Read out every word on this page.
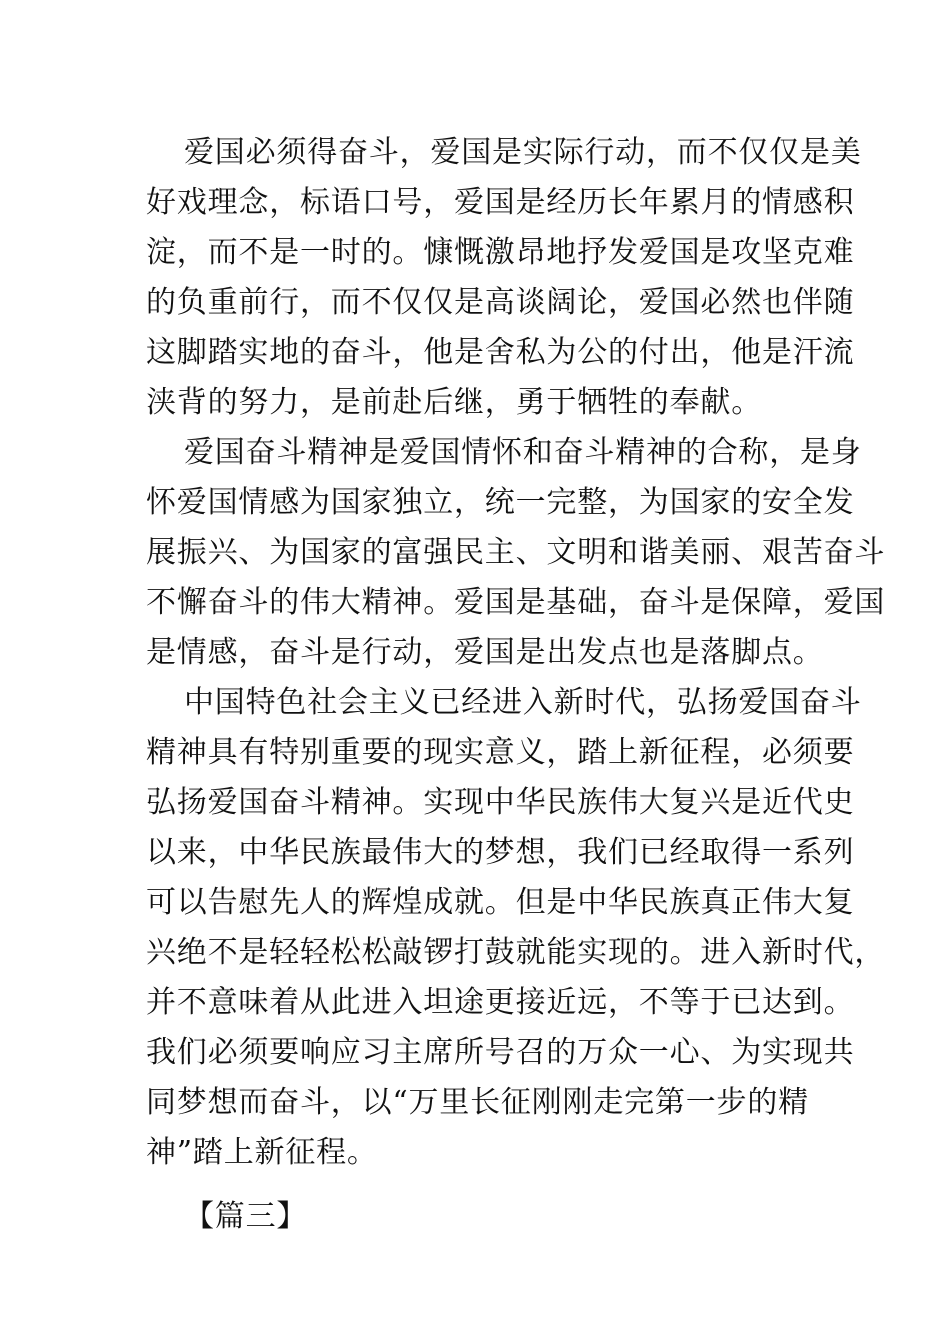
爱国必须得奋斗，爱国是实际行动，而不仅仅是美
好戏理念，标语口号，爱国是经历长年累月的情感积
淀，而不是一时的。慷慨激昂地抒发爱国是攻坚克难
的负重前行，而不仅仅是高谈阔论，爱国必然也伴随
这脚踏实地的奋斗，他是舍私为公的付出，他是汗流
浃背的努力，是前赴后继，勇于牺牲的奉献。
爱国奋斗精神是爱国情怀和奋斗精神的合称，是身
怀爱国情感为国家独立，统一完整，为国家的安全发
展振兴、为国家的富强民主、文明和谐美丽、艰苦奋斗
不懈奋斗的伟大精神。爱国是基础，奋斗是保障，爱国
是情感，奋斗是行动，爱国是出发点也是落脚点。
中国特色社会主义已经进入新时代，弘扬爱国奋斗
精神具有特别重要的现实意义，踏上新征程，必须要
弘扬爱国奋斗精神。实现中华民族伟大复兴是近代史
以来，中华民族最伟大的梦想，我们已经取得一系列
可以告慰先人的辉煌成就。但是中华民族真正伟大复
兴绝不是轻轻松松敲锣打鼓就能实现的。进入新时代，
并不意味着从此进入坦途更接近远，不等于已达到。
我们必须要响应习主席所号召的万众一心、为实现共
同梦想而奋斗，以“万里长征刚刚走完第一步的精
神”踏上新征程。
【篇三】
